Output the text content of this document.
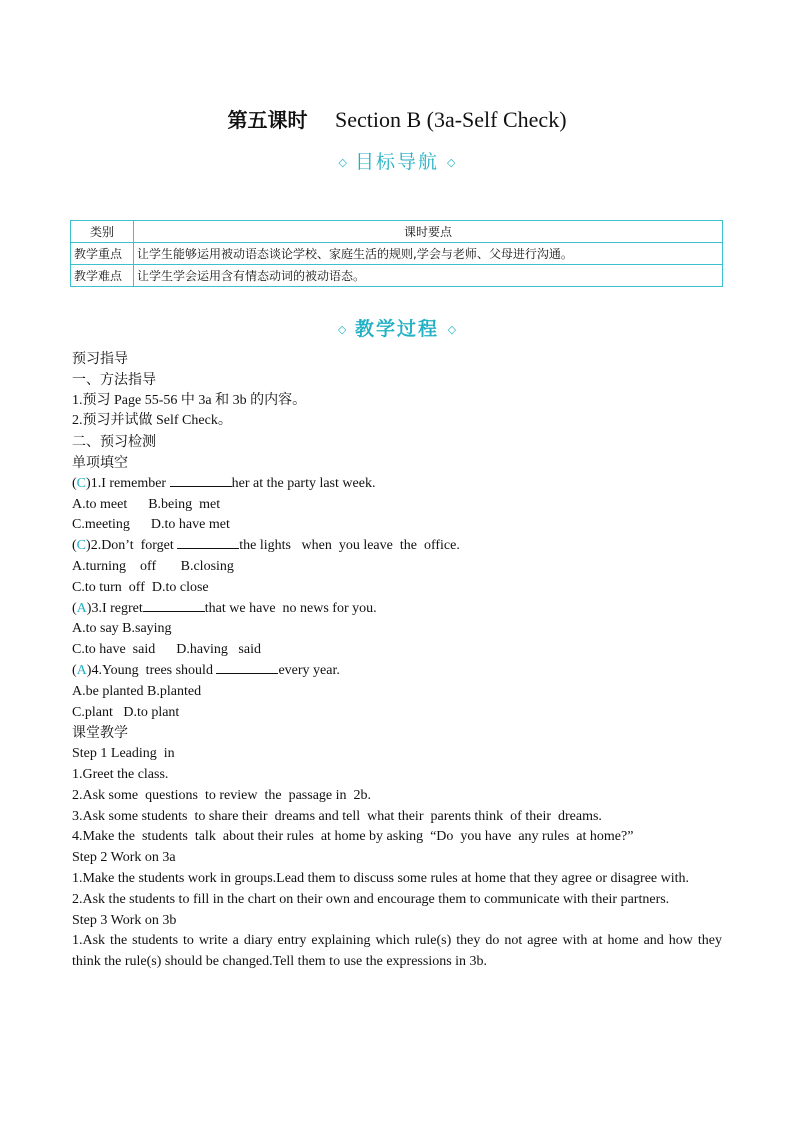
第五课时 Section B (3a-Self Check)
◇ 目标导航 ◇
类别	课时要点
教学重点	让学生能够运用被动语态谈论学校、家庭生活的规则,学会与老师、父母进行沟通。
教学难点	让学生学会运用含有情态动词的被动语态。
◇ 教学过程 ◇
预习指导
一、方法指导
1.预习 Page 55-56 中 3a 和 3b 的内容。
2.预习并试做 Self Check。
二、预习检测
单项填空
(C)1.I remember	her at the party last week.
A.to meet      B.being  met
C.meeting      D.to have met
(C)2.Don’t  forget	the lights   when  you leave  the  office.
A.turning    off       B.closing
C.to turn  off  D.to close
(A)3.I regret	that we have  no news for you.
A.to say B.saying
C.to have  said      D.having   said
(A)4.Young  trees should	every year.
A.be planted B.planted
C.plant   D.to plant
课堂教学
Step 1 Leading  in
1.Greet the class.
2.Ask some  questions  to review  the  passage in  2b.
3.Ask some students  to share their  dreams and tell  what their  parents think  of their  dreams.
4.Make the  students  talk  about their rules  at home by asking  “Do  you have  any rules  at home?”
Step 2 Work on 3a
1.Make the students work in groups.Lead them to discuss some rules at home that they agree or disagree with.
2.Ask the students to fill in the chart on their own and encourage them to communicate with their partners.
Step 3 Work on 3b
1.Ask the students to write a diary entry explaining which rule(s) they do not agree with at home and how they think the rule(s) should be changed.Tell them to use the expressions in 3b.
